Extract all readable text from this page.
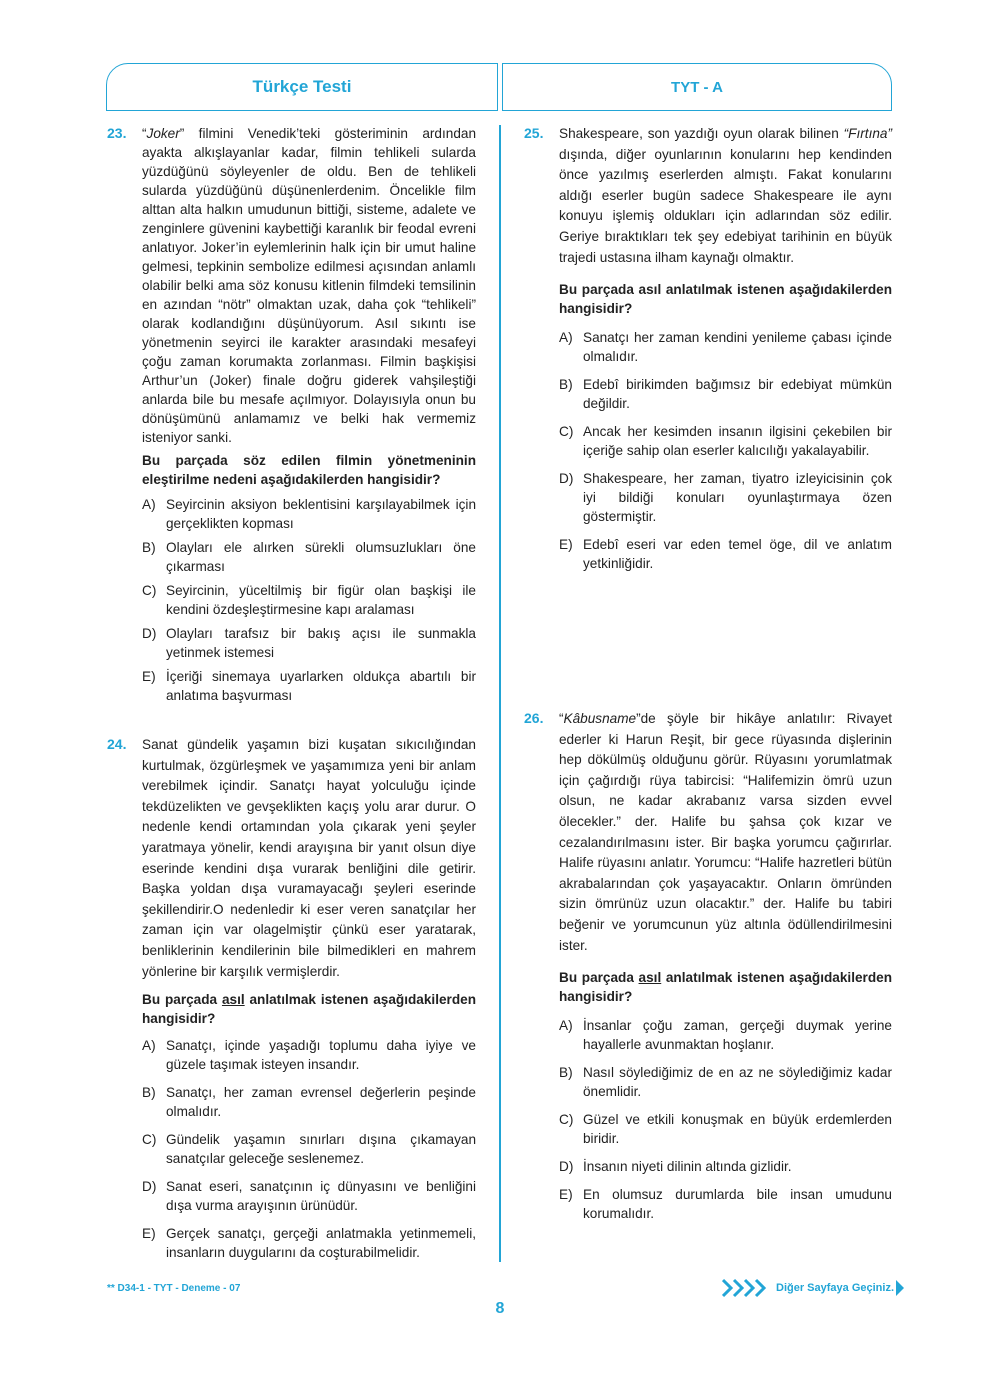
Türkçe Testi	TYT - A
23. “Joker” filmini Venedik’teki gösteriminin ardından ayakta alkışlayanlar kadar, filmin tehlikeli sularda yüzdüğünü söyleyenler de oldu. Ben de tehlikeli sularda yüzdüğünü düşünenlerdenim. Öncelikle film alttan alta halkın umudunun bittiği, sisteme, adalete ve zenginlere güvenini kaybettiği karanlık bir feodal evreni anlatıyor. Joker’in eylemlerinin halk için bir umut haline gelmesi, tepkinin sembolize edilmesi açısından anlamlı olabilir belki ama söz konusu kitlenin filmdeki temsilinin en azından “nötr” olmaktan uzak, daha çok “tehlikeli” olarak kodlandığını düşünüyorum. Asıl sıkıntı ise yönetmenin seyirci ile karakter arasındaki mesafeyi çoğu zaman korumakta zorlanması. Filmin başkişisi Arthur’un (Joker) finale doğru giderek vahşileştiği anlarda bile bu mesafe açılmıyor. Dolayısıyla onun bu dönüşümünü anlamamız ve belki hak vermemiz isteniyor sanki.

Bu parçada söz edilen filmin yönetmeninin eleştirilme nedeni aşağıdakilerden hangisidir?
A) Seyircinin aksiyon beklentisini karşılayabilmek için gerçeklikten kopması
B) Olayları ele alırken sürekli olumsuzlukları öne çıkarması
C) Seyircinin, yüceltilmiş bir figür olan başkişi ile kendini özdeşleştirmesine kapı aralaması
D) Olayları tarafsız bir bakış açısı ile sunmakla yetinmek istemesi
E) İçeriği sinemaya uyarlarken oldukça abartılı bir anlatıma başvurması
24. Sanat gündelik yaşamın bizi kuşatan sıkıcılığından kurtulmak, özgürleşmek ve yaşamımıza yeni bir anlam verebilmek içindir. Sanatçı hayat yolculuğu içinde tekdüzelikten ve gevşeklikten kaçış yolu arar durur. O nedenle kendi ortamından yola çıkarak yeni şeyler yaratmaya yönelir, kendi arayışına bir yanıt olsun diye eserinde kendini dışa vurarak benliğini dile getirir. Başka yoldan dışa vuramayacağı şeyleri eserinde şekillendirir.O nedenledir ki eser veren sanatçılar her zaman için var olagelmiştir çünkü eser yaratarak, benliklerinin kendilerinin bile bilmedikleri en mahrem yönlerine bir karşılık vermişlerdir.

Bu parçada asıl anlatılmak istenen aşağıdakilerden hangisidir?
A) Sanatçı, içinde yaşadığı toplumu daha iyiye ve güzele taşımak isteyen insandır.
B) Sanatçı, her zaman evrensel değerlerin peşinde olmalıdır.
C) Gündelik yaşamın sınırları dışına çıkamayan sanatçılar geleceğe seslenemez.
D) Sanat eseri, sanatçının iç dünyasını ve benliğini dışa vurma arayışının ürünüdür.
E) Gerçek sanatçı, gerçeği anlatmakla yetinmemeli, insanların duygularını da coşturabilmelidir.
25. Shakespeare, son yazdığı oyun olarak bilinen “Fırtına” dışında, diğer oyunlarının konularını hep kendinden önce yazılmış eserlerden almıştı. Fakat konularını aldığı eserler bugün sadece Shakespeare ile aynı konuyu işlemiş oldukları için adlarından söz edilir. Geriye bıraktıkları tek şey edebiyat tarihinin en büyük trajedi ustasına ilham kaynağı olmaktır.

Bu parçada asıl anlatılmak istenen aşağıdakilerden hangisidir?
A) Sanatçı her zaman kendini yenileme çabası içinde olmalıdır.
B) Edebî birikimden bağımsız bir edebiyat mümkün değildir.
C) Ancak her kesimden insanın ilgisini çekebilen bir içeriğe sahip olan eserler kalıcılığı yakalayabilir.
D) Shakespeare, her zaman, tiyatro izleyicisinin çok iyi bildiği konuları oyunlaştırmaya özen göstermiştir.
E) Edebî eseri var eden temel öge, dil ve anlatım yetkinliğidir.
26. “Kâbusname”de şöyle bir hikâye anlatılır: Rivayet ederler ki Harun Reşit, bir gece rüyasında dişlerinin hep dökülmüş olduğunu görür. Rüyasını yorumlatmak için çağırdığı rüya tabircisi: “Halifemizin ömrü uzun olsun, ne kadar akrabanız varsa sizden evvel ölecekler.” der. Halife bu şahsa çok kızar ve cezalandırılmasını ister. Bir başka yorumcu çağırırlar. Halife rüyasını anlatır. Yorumcu: “Halife hazretleri bütün akrabalarından çok yaşayacaktır. Onların ömründen sizin ömrünüz uzun olacaktır.” der. Halife bu tabiri beğenir ve yorumcunun yüz altınla ödüllendirilmesini ister.

Bu parçada asıl anlatılmak istenen aşağıdakilerden hangisidir?
A) İnsanlar çoğu zaman, gerçeği duymak yerine hayallerle avunmaktan hoşlanır.
B) Nasıl söylediğimiz de en az ne söylediğimiz kadar önemlidir.
C) Güzel ve etkili konuşmak en büyük erdemlerden biridir.
D) İnsanın niyeti dilinin altında gizlidir.
E) En olumsuz durumlarda bile insan umudunu korumalıdır.
** D34-1 - TYT - Deneme - 07
8
Diğer Sayfaya Geçiniz.
